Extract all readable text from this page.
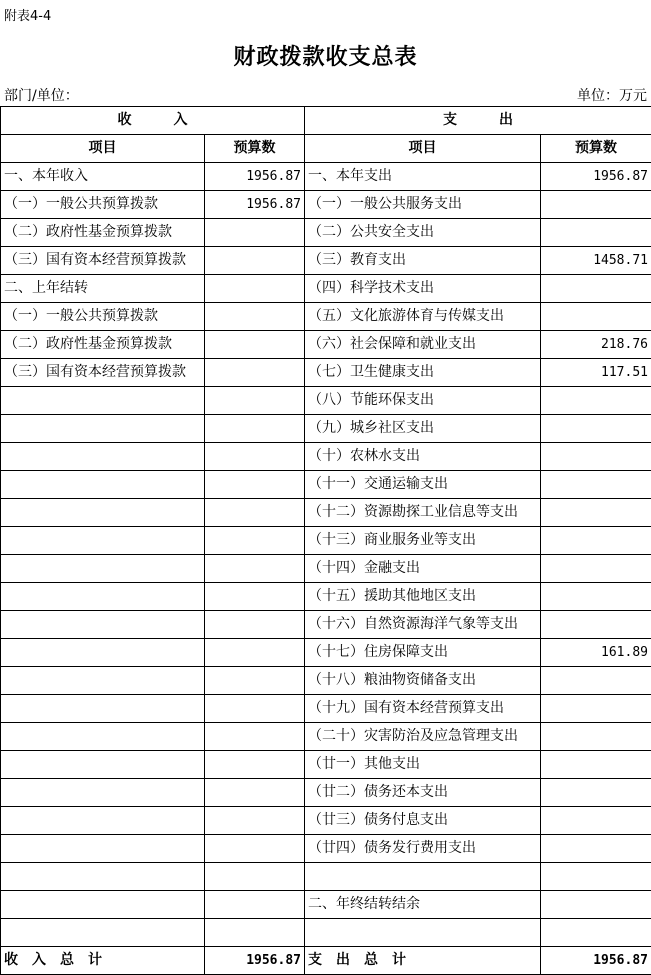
附表4-4
财政拨款收支总表
部门/单位：	单位：万元
收　　　入		支　　　出	
项目	预算数	项目	预算数
一、本年收入	1956.87	一、本年支出	1956.87
（一）一般公共预算拨款	1956.87	（一）一般公共服务支出	
（二）政府性基金预算拨款		（二）公共安全支出	
（三）国有资本经营预算拨款		（三）教育支出	1458.71
二、上年结转		（四）科学技术支出	
（一）一般公共预算拨款		（五）文化旅游体育与传媒支出	
（二）政府性基金预算拨款		（六）社会保障和就业支出	218.76
（三）国有资本经营预算拨款		（七）卫生健康支出	117.51
		（八）节能环保支出	
		（九）城乡社区支出	
		（十）农林水支出	
		（十一）交通运输支出	
		（十二）资源勘探工业信息等支出	
		（十三）商业服务业等支出	
		（十四）金融支出	
		（十五）援助其他地区支出	
		（十六）自然资源海洋气象等支出	
		（十七）住房保障支出	161.89
		（十八）粮油物资储备支出	
		（十九）国有资本经营预算支出	
		（二十）灾害防治及应急管理支出	
		（廿一）其他支出	
		（廿二）债务还本支出	
		（廿三）债务付息支出	
		（廿四）债务发行费用支出	

		二、年终结转结余	

收　入　总　计	1956.87	支　出　总　计	1956.87
